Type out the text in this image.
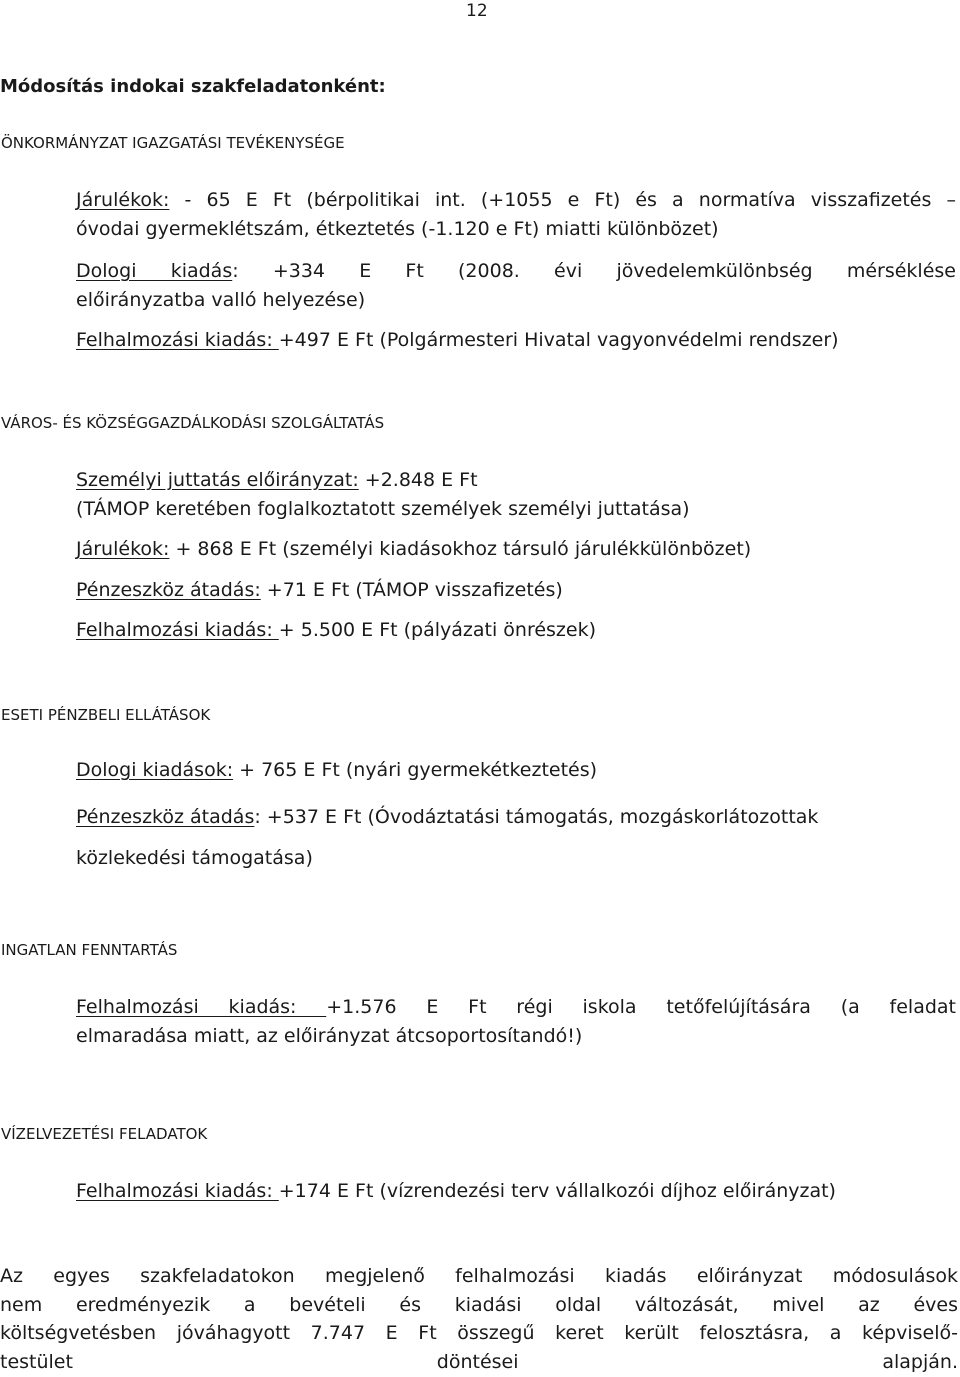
12
Módosítás indokai szakfeladatonként:
ÖNKORMÁNYZAT IGAZGATÁSI TEVÉKENYSÉGE
Járulékok: - 65 E Ft (bérpolitikai int. (+1055 e Ft) és a normatíva visszafizetés –
óvodai gyermeklétszám, étkeztetés (-1.120 e Ft) miatti különbözet)
Dologi kiadás: +334 E Ft (2008. évi jövedelemkülönbség mérséklése
előirányzatba valló helyezése)
Felhalmozási kiadás: +497 E Ft (Polgármesteri Hivatal vagyonvédelmi rendszer)
VÁROS- ÉS KÖZSÉGGAZDÁLKODÁSI SZOLGÁLTATÁS
Személyi juttatás előirányzat: +2.848 E Ft
(TÁMOP keretében foglalkoztatott személyek személyi juttatása)
Járulékok: + 868 E Ft (személyi kiadásokhoz társuló járulékkülönbözet)
Pénzeszköz átadás: +71 E Ft (TÁMOP visszafizetés)
Felhalmozási kiadás: + 5.500 E Ft (pályázati önrészek)
ESETI PÉNZBELI ELLÁTÁSOK
Dologi kiadások: + 765 E Ft (nyári gyermekétkeztetés)
Pénzeszköz átadás: +537 E Ft (Óvodáztatási támogatás, mozgáskorlátozottak
közlekedési támogatása)
INGATLAN FENNTARTÁS
Felhalmozási kiadás: +1.576 E Ft régi iskola tetőfelújítására (a feladat
elmaradása miatt, az előirányzat átcsoportosítandó!)
VÍZELVEZETÉSI FELADATOK
Felhalmozási kiadás: +174 E Ft (vízrendezési terv vállalkozói díjhoz előirányzat)
Az egyes szakfeladatokon megjelenő felhalmozási kiadás előirányzat módosulások
nem eredményezik a bevételi és kiadási oldal változását, mivel az éves
költségvetésben jóváhagyott 7.747 E Ft összegű keret került felosztásra, a képviselő-
testület döntései alapján.
